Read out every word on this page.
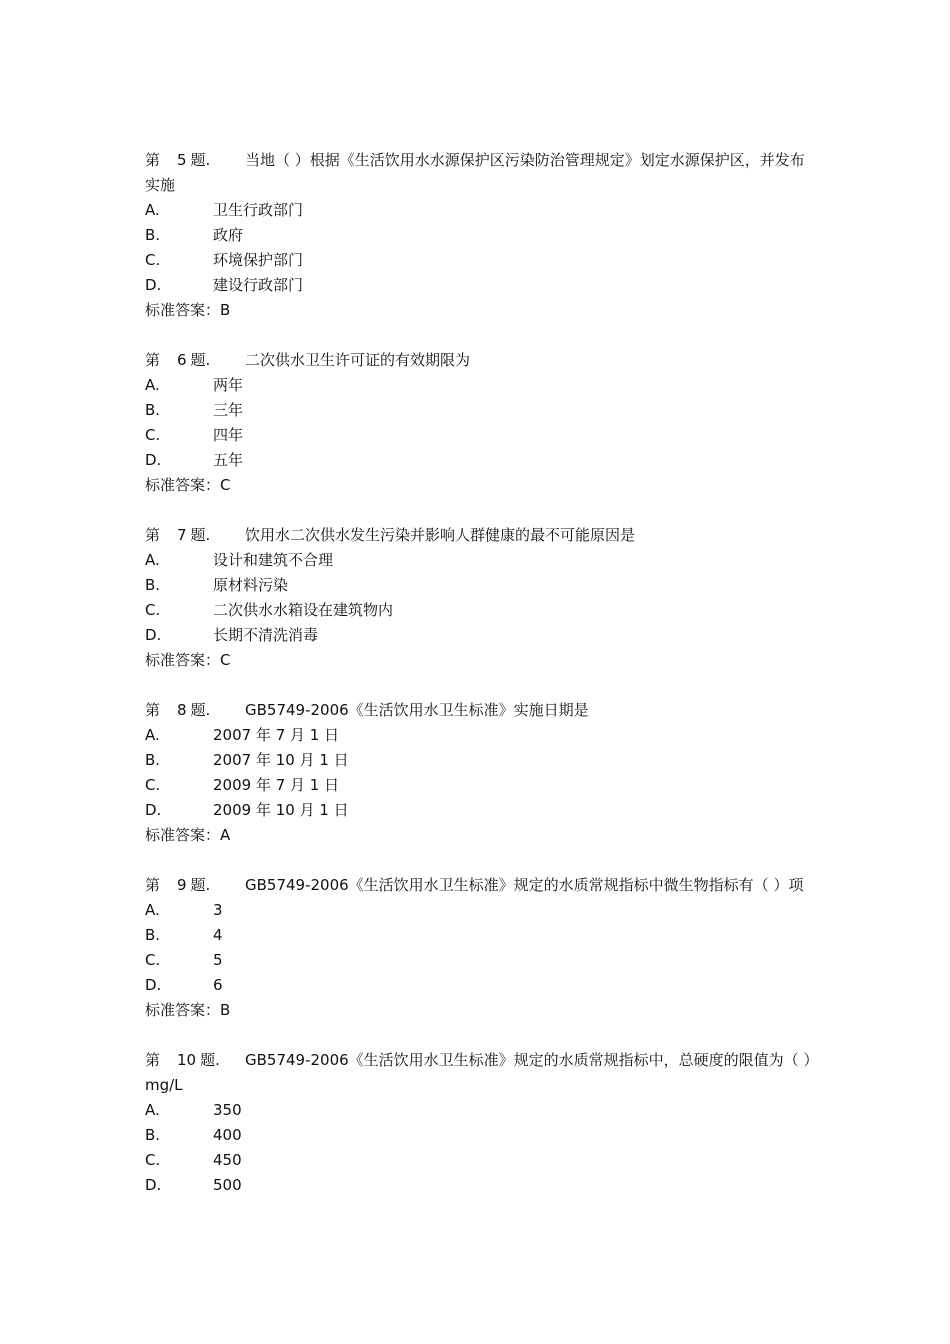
第 5 题. 当地（ ）根据《生活饮用水水源保护区污染防治管理规定》划定水源保护区，并发布实施
A.	卫生行政部门
B.	政府
C.	环境保护部门
D.	建设行政部门
标准答案：B
第 6 题. 二次供水卫生许可证的有效期限为
A.	两年
B.	三年
C.	四年
D.	五年
标准答案：C
第 7 题. 饮用水二次供水发生污染并影响人群健康的最不可能原因是
A.	设计和建筑不合理
B.	原材料污染
C.	二次供水水箱设在建筑物内
D.	长期不清洗消毒
标准答案：C
第 8 题. GB5749-2006《生活饮用水卫生标准》实施日期是
A.	2007 年 7 月 1 日
B.	2007 年 10 月 1 日
C.	2009 年 7 月 1 日
D.	2009 年 10 月 1 日
标准答案：A
第 9 题. GB5749-2006《生活饮用水卫生标准》规定的水质常规指标中微生物指标有（ ）项
A.	3
B.	4
C.	5
D.	6
标准答案：B
第 10 题. GB5749-2006《生活饮用水卫生标准》规定的水质常规指标中，总硬度的限值为（ ）mg/L
A.	350
B.	400
C.	450
D.	500
